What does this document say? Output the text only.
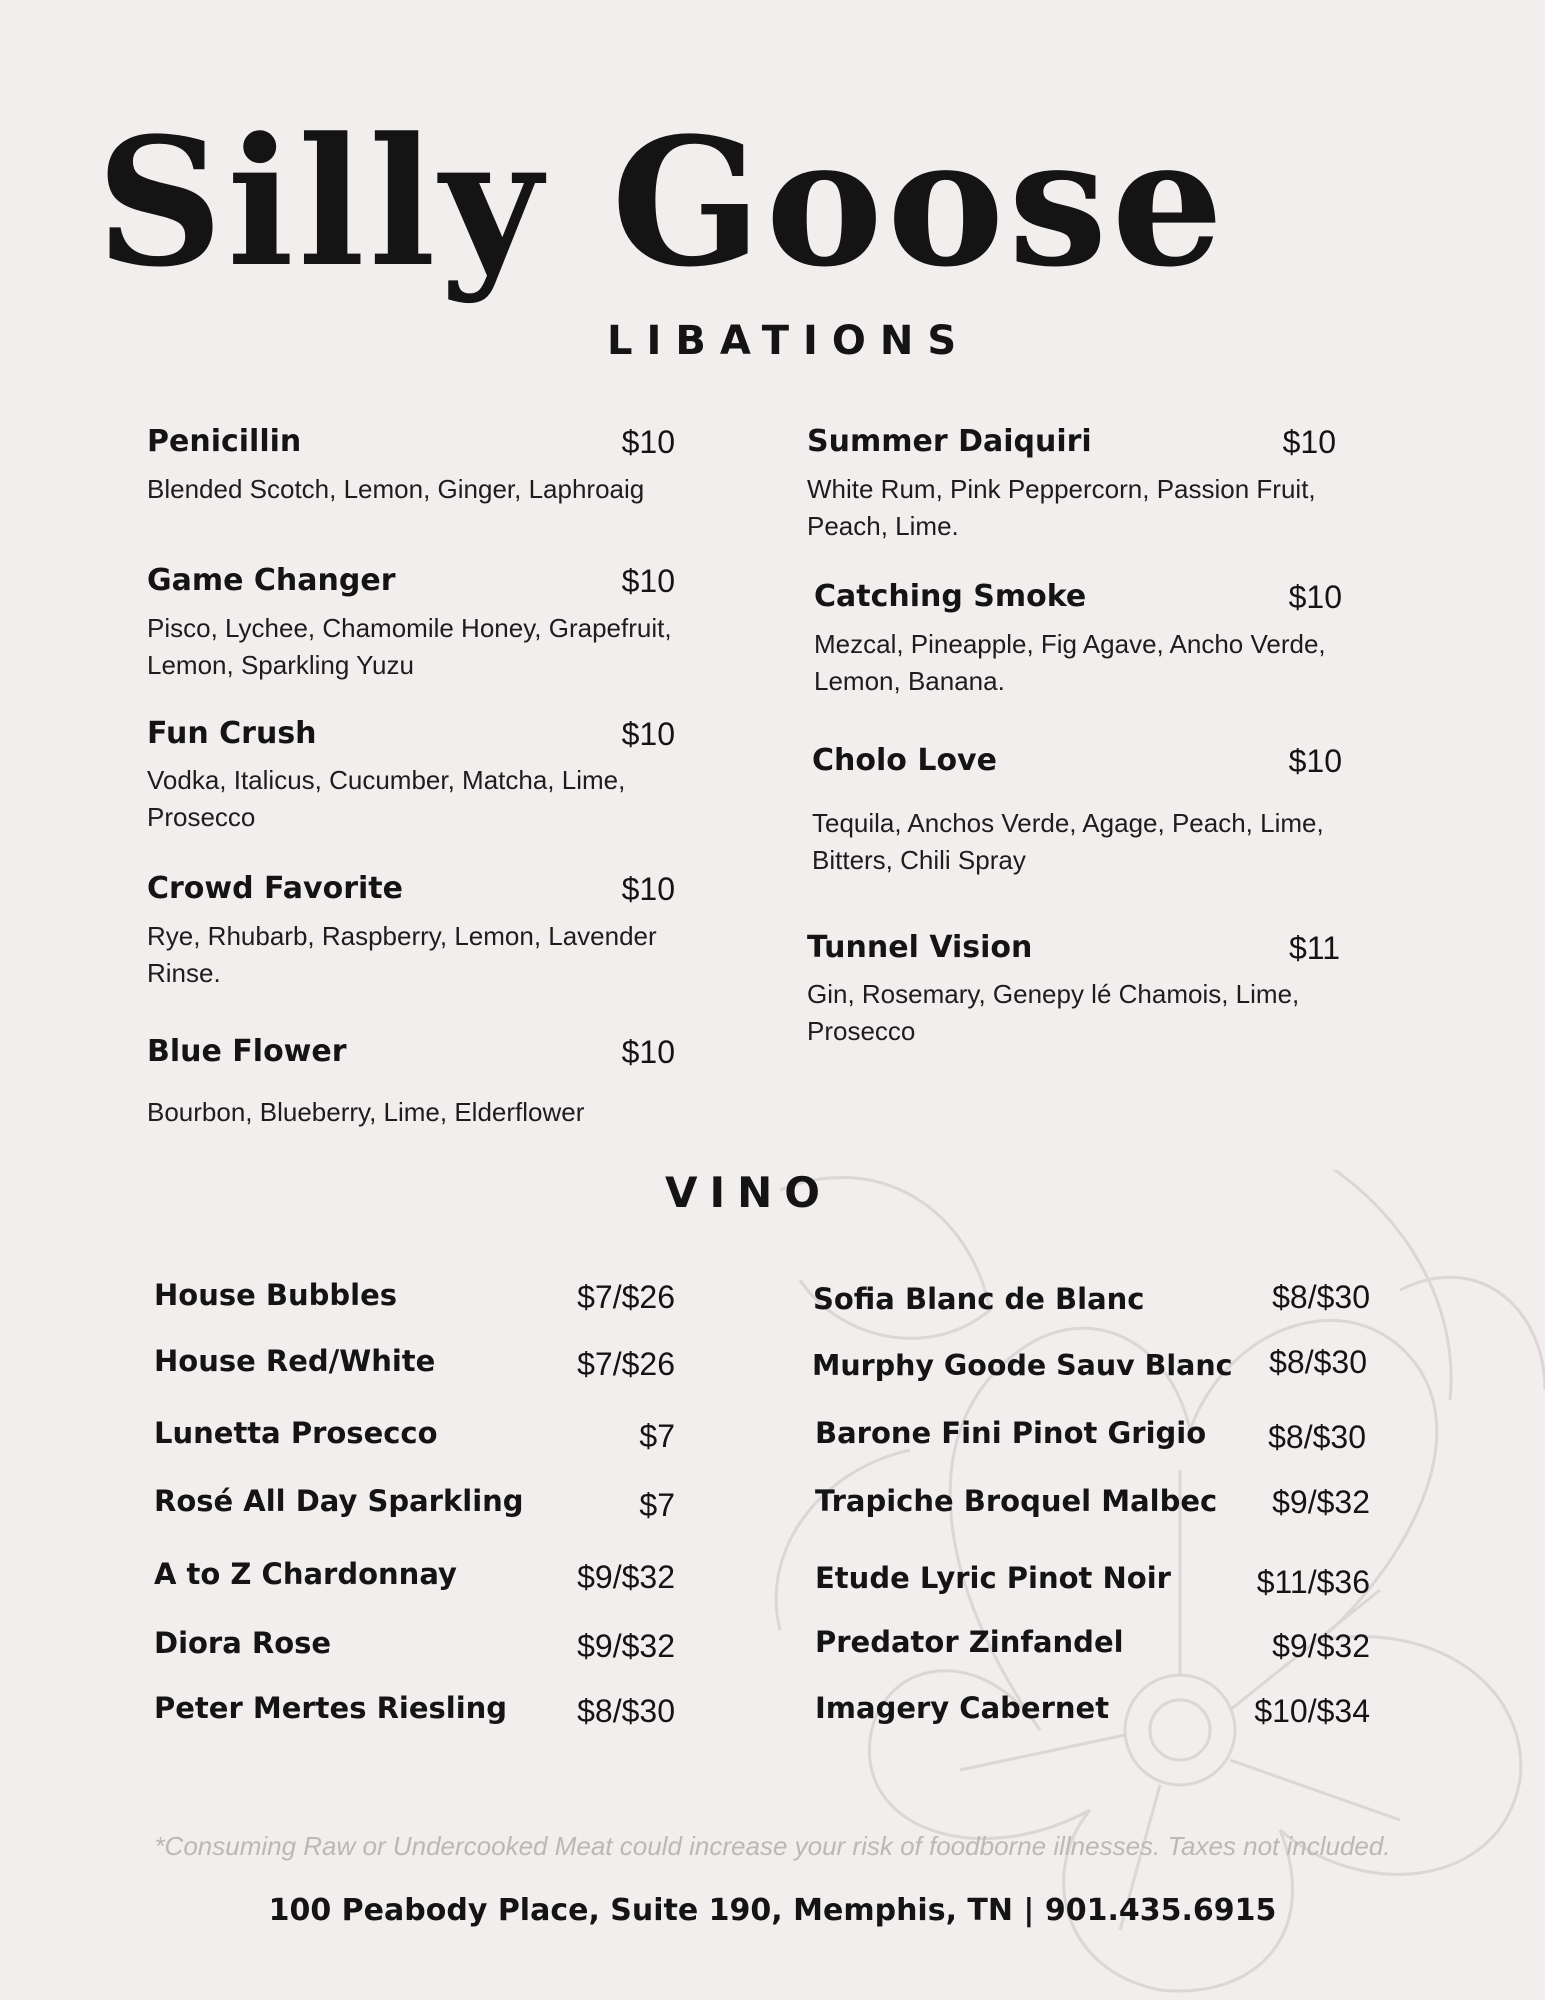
Silly Goose
LIBATIONS
Penicillin	$10
Blended Scotch, Lemon, Ginger, Laphroaig
Game Changer	$10
Pisco, Lychee, Chamomile Honey, Grapefruit, Lemon, Sparkling Yuzu
Fun Crush	$10
Vodka, Italicus, Cucumber, Matcha, Lime, Prosecco
Crowd Favorite	$10
Rye, Rhubarb, Raspberry, Lemon, Lavender Rinse.
Blue Flower	$10
Bourbon, Blueberry, Lime, Elderflower
Summer Daiquiri	$10
White Rum, Pink Peppercorn, Passion Fruit, Peach, Lime.
Catching Smoke	$10
Mezcal, Pineapple, Fig Agave, Ancho Verde, Lemon, Banana.
Cholo Love	$10
Tequila, Anchos Verde, Agage, Peach, Lime, Bitters, Chili Spray
Tunnel Vision	$11
Gin, Rosemary, Genepy lé Chamois, Lime, Prosecco
VINO
House Bubbles	$7/$26
House Red/White	$7/$26
Lunetta Prosecco	$7
Rosé All Day Sparkling	$7
A to Z Chardonnay	$9/$32
Diora Rose	$9/$32
Peter Mertes Riesling	$8/$30
Sofia Blanc de Blanc	$8/$30
Murphy Goode Sauv Blanc	$8/$30
Barone Fini Pinot Grigio	$8/$30
Trapiche Broquel Malbec	$9/$32
Etude Lyric Pinot Noir	$11/$36
Predator Zinfandel	$9/$32
Imagery Cabernet	$10/$34
*Consuming Raw or Undercooked Meat could increase your risk of foodborne illnesses. Taxes not included.
100 Peabody Place, Suite 190, Memphis, TN | 901.435.6915
